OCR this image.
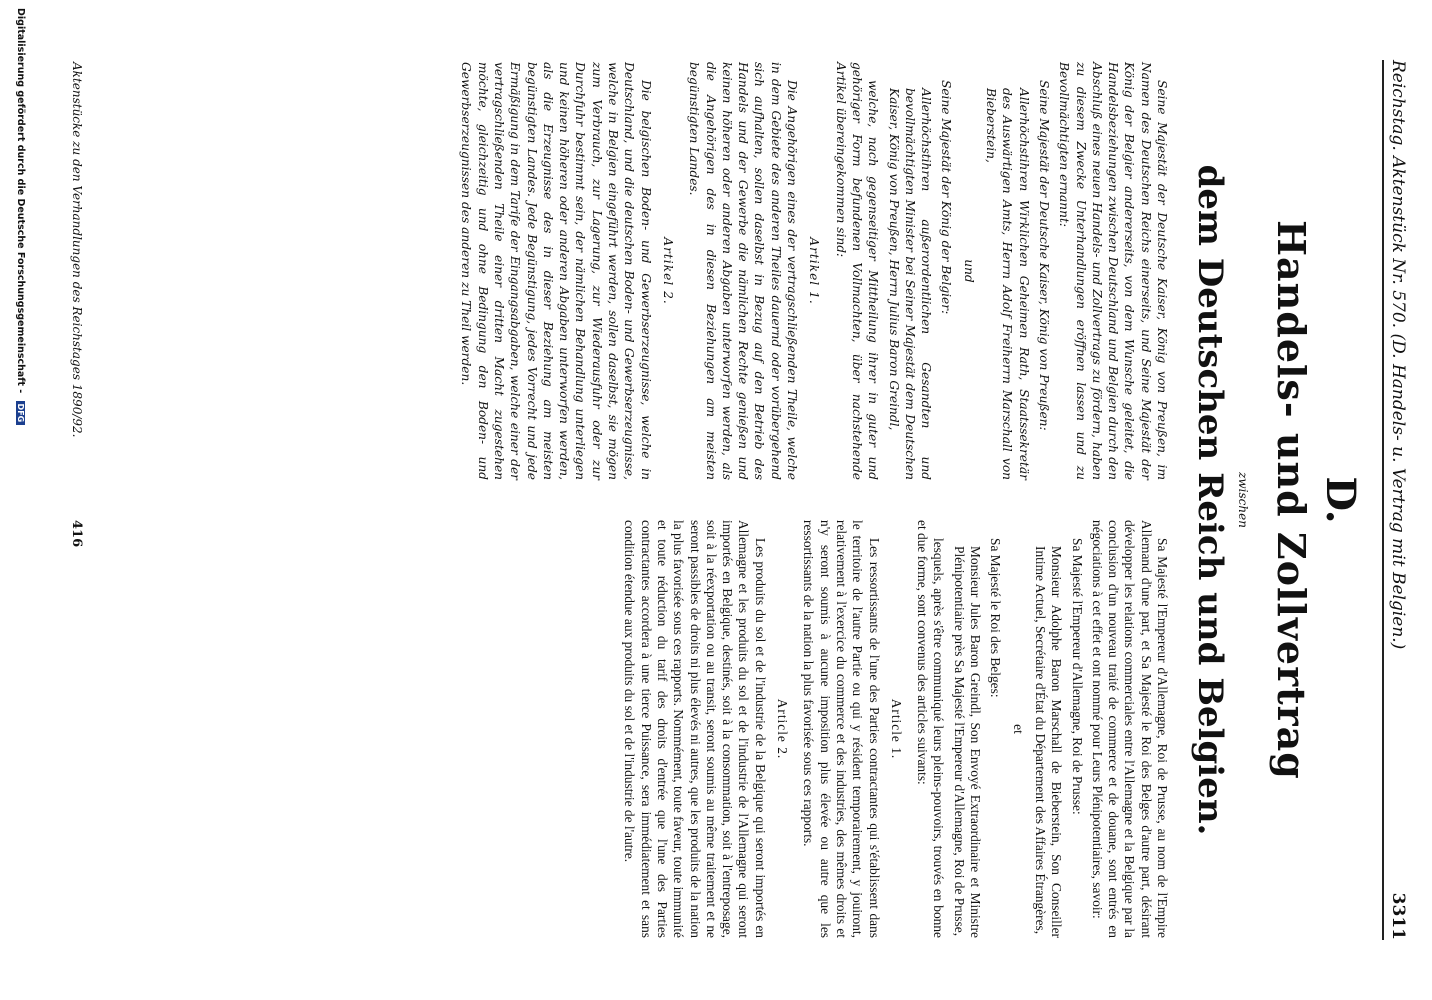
Reichstag. Aktenstück Nr. 570. (D. Handels- u. Vertrag mit Belgien.)
3311
D.
Handels- und Zollvertrag
zwischen
dem Deutschen Reich und Belgien.

Seine Majestät der Deutsche Kaiser, König von Preußen, im Namen des Deutschen Reichs einerseits, und Seine Majestät der König der Belgier andererseits, von dem Wunsche geleitet, die Handelsbeziehungen zwischen Deutschland und Belgien durch den Abschluß eines neuen Handels- und Zollvertrags zu fördern, haben zu diesem Zwecke Unterhandlungen eröffnen lassen und zu Bevollmächtigten ernannt:

Seine Majestät der Deutsche Kaiser, König von Preußen:

Allerhöchstihren Wirklichen Geheimen Rath, Staatssekretär des Auswärtigen Amts, Herrn Adolf Freiherrn Marschall von Bieberstein,

und

Seine Majestät der König der Belgier:

Allerhöchstihren außerordentlichen Gesandten und bevollmächtigten Minister bei Seiner Majestät dem Deutschen Kaiser, König von Preußen, Herrn Julius Baron Greindl,

welche, nach gegenseitiger Mittheilung ihrer in guter und gehöriger Form befundenen Vollmachten, über nachstehende Artikel übereingekommen sind:

Artikel 1.

Die Angehörigen eines der vertragschließenden Theile, welche in dem Gebiete des anderen Theiles dauernd oder vorübergehend sich aufhalten, sollen daselbst in Bezug auf den Betrieb des Handels und der Gewerbe die nämlichen Rechte genießen und keinen höheren oder anderen Abgaben unterworfen werden, als die Angehörigen des in diesen Beziehungen am meisten begünstigten Landes.

Artikel 2.

Die belgischen Boden- und Gewerbserzeugnisse, welche in Deutschland, und die deutschen Boden- und Gewerbserzeugnisse, welche in Belgien eingeführt werden, sollen daselbst, sie mögen zum Verbrauch, zur Lagerung, zur Wiederausfuhr oder zur Durchfuhr bestimmt sein, der nämlichen Behandlung unterliegen und keinen höheren oder anderen Abgaben unterworfen werden, als die Erzeugnisse des in dieser Beziehung am meisten begünstigten Landes. Jede Begünstigung, jedes Vorrecht und jede Ermäßigung in dem Tarife der Eingangsabgaben, welche einer der vertragschließenden Theile einer dritten Macht zugestehen möchte, gleichzeitig und ohne Bedingung den Boden- und Gewerbserzeugnissen des anderen zu Theil werden.

Sa Majesté l'Empereur d'Allemagne, Roi de Prusse, au nom de l'Empire Allemand d'une part, et Sa Majesté le Roi des Belges d'autre part, désirant développer les relations commerciales entre l'Allemagne et la Belgique par la conclusion d'un nouveau traité de commerce et de douane, sont entrés en négociations à cet effet et ont nommé pour Leurs Plénipotentiaires, savoir:

Sa Majesté l'Empereur d'Allemagne, Roi de Prusse:

Monsieur Adolphe Baron Marschall de Bieberstein, Son Conseiller Intime Actuel, Secrétaire d'État du Département des Affaires Étrangères,

et

Sa Majesté le Roi des Belges:

Monsieur Jules Baron Greindl, Son Envoyé Extraordinaire et Ministre Plénipotentiaire près Sa Majesté l'Empereur d'Allemagne, Roi de Prusse,

lesquels, après s'être communiqué leurs pleins-pouvoirs, trouvés en bonne et due forme, sont convenus des articles suivants:

Article 1.

Les ressortissants de l'une des Parties contractantes qui s'établissent dans le territoire de l'autre Partie ou qui y résident temporairement, y jouiront, relativement à l'exercice du commerce et des industries, des mêmes droits et n'y seront soumis à aucune imposition plus élevée ou autre que les ressortissants de la nation la plus favorisée sous ces rapports.

Article 2.

Les produits du sol et de l'industrie de la Belgique qui seront importés en Allemagne et les produits du sol et de l'industrie de l'Allemagne qui seront importés en Belgique, destinés, soit à la consommation, soit à l'entreposage, soit à la réexportation ou au transit, seront soumis au même traitement et ne seront passibles de droits ni plus élevés ni autres, que les produits de la nation la plus favorisée sous ces rapports. Nommément, toute faveur, toute immunité et toute réduction du tarif des droits d'entrée que l'une des Parties contractantes accordera à une tierce Puissance, sera immédiatement et sans condition étendue aux produits du sol et de l'industrie de l'autre.

Aktenstücke zu den Verhandlungen des Reichstages 1890/92.
416
Digitalisierung gefördert durch die Deutsche Forschungsgemeinschaft - DFG
